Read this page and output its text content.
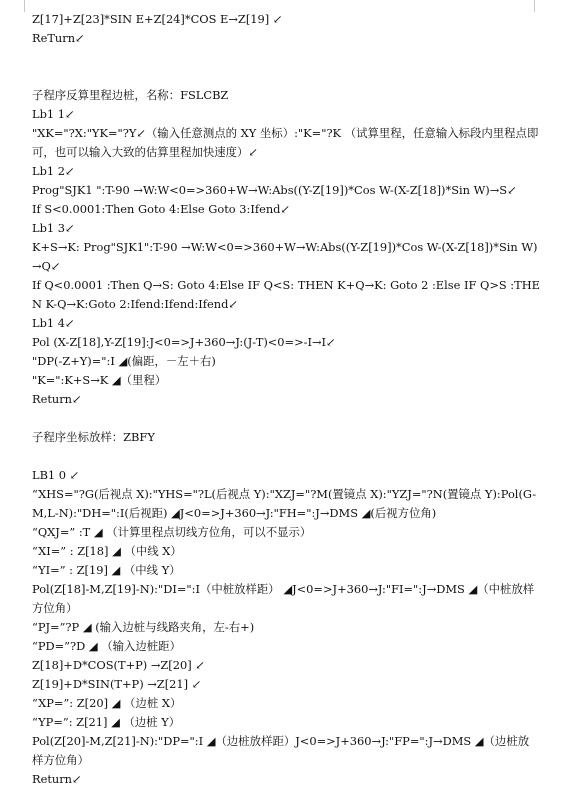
Z[17]+Z[23]*SIN E+Z[24]*COS E→Z[19] ↙
ReTurn↙
子程序反算里程边桩，名称：FSLCBZ
Lb1 1↙
"XK="?X:"YK="?Y↙（输入任意测点的 XY 坐标）:"K="?K （试算里程，任意输入标段内里程点即可，也可以输入大致的估算里程加快速度）↙
Lb1 2↙
Prog"SJK1 ":T-90 →W:W<0=>360+W→W:Abs((Y-Z[19])*Cos W-(X-Z[18])*Sin W)→S↙
If S<0.0001:Then Goto 4:Else Goto 3:Ifend↙
Lb1 3↙
K+S→K: Prog"SJK1":T-90 →W:W<0=>360+W→W:Abs((Y-Z[19])*Cos W-(X-Z[18])*Sin W)→Q↙
If Q<0.0001 :Then Q→S: Goto 4:Else IF Q<S: THEN K+Q→K: Goto 2 :Else IF Q>S :THEN K-Q→K:Goto 2:Ifend:Ifend:Ifend↙
Lb1 4↙
Pol (X-Z[18],Y-Z[19]:J<0=>J+360→J:(J-T)<0=>-I→I↙
"DP(-Z+Y)=":I ◢(偏距，－左＋右)
"K=":K+S→K ◢（里程）
Return↙
子程序坐标放样：ZBFY
LB1 0 ↙
“XHS="?G(后视点 X):"YHS="?L(后视点 Y):"XZJ="?M(置镜点 X):"YZJ="?N(置镜点 Y):Pol(G-M,L-N):"DH=":I(后视距) ◢J<0=>J+360→J:"FH=":J→DMS ◢(后视方位角)
“QXJ=” :T ◢ （计算里程点切线方位角，可以不显示）
“XI=” : Z[18] ◢ （中线 X）
“YI=” : Z[19] ◢ （中线 Y）
Pol(Z[18]-M,Z[19]-N):"DI=":I（中桩放样距） ◢J<0=>J+360→J:"FI=":J→DMS ◢（中桩放样方位角）
“PJ=”?P ◢ (输入边桩与线路夹角，左-右+)
“PD=”?D ◢ （输入边桩距）
Z[18]+D*COS(T+P) →Z[20] ↙
Z[19]+D*SIN(T+P) →Z[21] ↙
“XP=”: Z[20] ◢ （边桩 X）
“YP=”: Z[21] ◢ （边桩 Y）
Pol(Z[20]-M,Z[21]-N):"DP=":I ◢（边桩放样距）J<0=>J+360→J:"FP=":J→DMS ◢（边桩放样方位角）
Return↙
